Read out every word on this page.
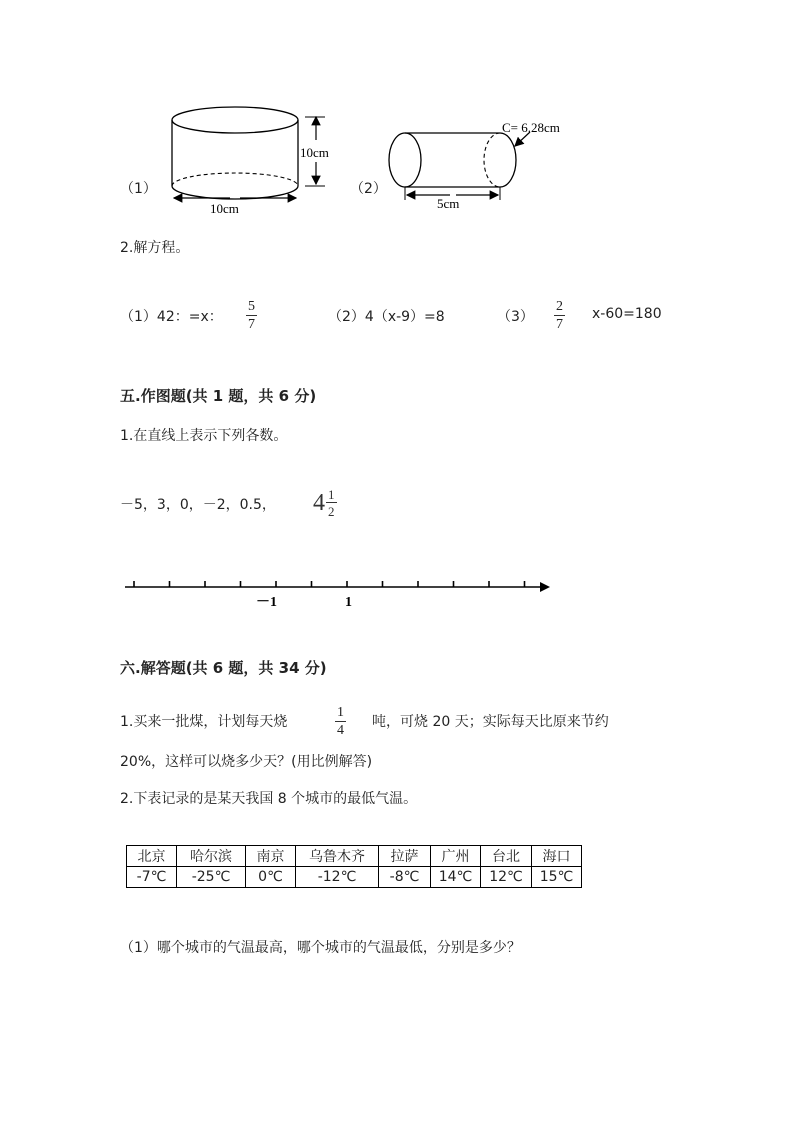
10cm
10cm
（1）
C= 6.28cm
5cm
（2）
2.解方程。
（1）42：=x： $\frac{5}{7}$	（2）4（x-9）=8	$(3) \frac{2}{7} x-60=180$
五.作图题(共 1 题，共 6 分)
1.在直线上表示下列各数。
－5，3，0，－2，0.5， $4 \frac{1}{2}$
－1	1
六.解答题(共 6 题，共 34 分)
1.买来一批煤，计划每天烧	$\frac{1}{4}$ 吨，可烧 20 天；实际每天比原来节约
20%，这样可以烧多少天？(用比例解答)
2.下表记录的是某天我国 8 个城市的最低气温。
北京	哈尔滨	南京	乌鲁木齐	拉萨	广州	台北	海口
-7℃	-25℃	0℃	-12℃	-8℃	14℃	12℃	15℃
（1）哪个城市的气温最高，哪个城市的气温最低，分别是多少？
